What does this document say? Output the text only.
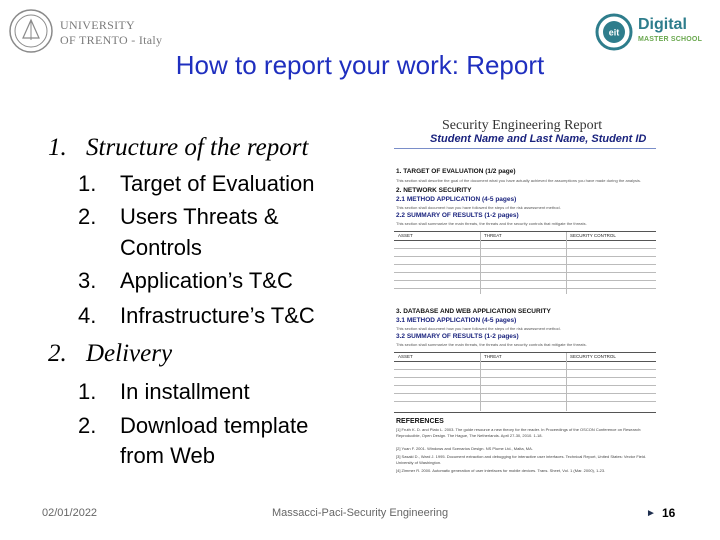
UNIVERSITY
OF TRENTO - Italy
eit Digital
MASTER SCHOOL
How to report your work: Report
1. Structure of the report
1. Target of Evaluation
2. Users Threats &
Controls
3. Application’s T&C
4. Infrastructure’s T&C
2. Delivery
1. In installment
2. Download template
from Web
Security Engineering Report
Student Name and Last Name, Student ID
1. TARGET OF EVALUATION (1/2 page)
This section shall describe the goal of the document what you have actually achieved the assumptions you have made during the analysis.
2. NETWORK SECURITY
2.1 METHOD APPLICATION (4-5 pages)
This section shall document how you have followed the steps of the risk assessment method.
2.2 SUMMARY OF RESULTS (1-2 pages)
This section shall summarize the main threats, the threats and the security controls that mitigate the threats.
ASSET	THREAT	SECURITY CONTROL
3. DATABASE AND WEB APPLICATION SECURITY
3.1 METHOD APPLICATION (4-5 pages)
This section shall document how you have followed the steps of the risk assessment method.
3.2 SUMMARY OF RESULTS (1-2 pages)
This section shall summarize the main threats, the threats and the security controls that mitigate the threats.
ASSET	THREAT	SECURITY CONTROL
REFERENCES
[1] Fruth K. D. and Plato L. 2003. The guide resource a new theory for the reader. In Proceedings of the OSCON Conference on Research: Reproducible, Open Design. The Hague, The Netherlands. April 27-30, 2010. 1-18.
[2] Yuan F. 2001. Windows and Scenarios Design. NS Plume Ltd., Malta, MA.
[3] Sasaki D., Ward J. 1995. Document extraction and debugging for interactive user interfaces. Technical Report, United States: Vector Field. University of Washington.
[4] Zimmer R. 2000. Automatic generation of user interfaces for mobile devices. Trans. Sheet, Vol. 1 (Mar. 2000), 1-23.
02/01/2022	Massacci-Paci-Security Engineering	► 16
